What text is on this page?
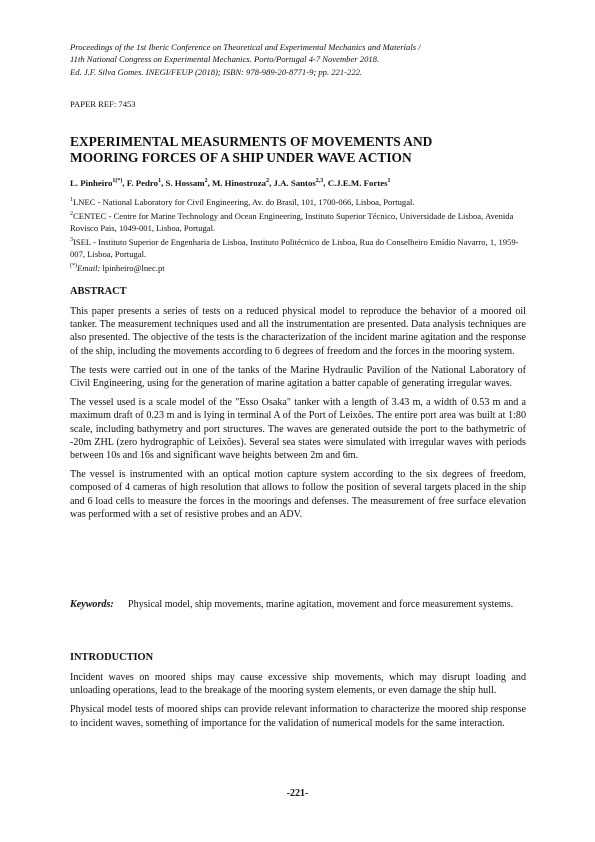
Proceedings of the 1st Iberic Conference on Theoretical and Experimental Mechanics and Materials /
11th National Congress on Experimental Mechanics. Porto/Portugal 4-7 November 2018.
Ed. J.F. Silva Gomes. INEGI/FEUP (2018); ISBN: 978-989-20-8771-9; pp. 221-222.
PAPER REF: 7453
EXPERIMENTAL MEASURMENTS OF MOVEMENTS AND
MOORING FORCES OF A SHIP UNDER WAVE ACTION
L. Pinheiro$^{1(*)}$, F. Pedro$^1$, S. Hossam$^2$, M. Hinostroza$^2$, J.A. Santos$^{2,3}$, C.J.E.M. Fortes$^1$

$^1$LNEC - National Laboratory for Civil Engineering, Av. do Brasil, 101, 1700-066, Lisboa, Portugal.

$^2$CENTEC - Centre for Marine Technology and Ocean Engineering, Instituto Superior Técnico, Universidade de Lisboa, Avenida Rovisco Pais, 1049-001, Lisboa, Portugal.

$^3$ISEL - Instituto Superior de Engenharia de Lisboa, Instituto Politécnico de Lisboa, Rua do Conselheiro Emídio Navarro, 1, 1959-007, Lisboa, Portugal.

(*)Email: lpinheiro@lnec.pt

ABSTRACT

This paper presents a series of tests on a reduced physical model to reproduce the behavior of a moored oil tanker. The measurement techniques used and all the instrumentation are presented. Data analysis techniques are also presented. The objective of the tests is the characterization of the incident marine agitation and the response of the ship, including the movements according to 6 degrees of freedom and the forces in the mooring system.

The tests were carried out in one of the tanks of the Marine Hydraulic Pavilion of the National Laboratory of Civil Engineering, using for the generation of marine agitation a batter capable of generating irregular waves.

The vessel used is a scale model of the "Esso Osaka" tanker with a length of 3.43 m, a width of 0.53 m and a maximum draft of 0.23 m and is lying in terminal A of the Port of Leixões. The entire port area was built at 1:80 scale, including bathymetry and port structures. The waves are generated outside the port to the bathymetric of -20m ZHL (zero hydrographic of Leixões). Several sea states were simulated with irregular waves with periods between 10s and 16s and significant wave heights between 2m and 6m.

The vessel is instrumented with an optical motion capture system according to the six degrees of freedom, composed of 4 cameras of high resolution that allows to follow the position of several targets placed in the ship and 6 load cells to measure the forces in the moorings and defenses. The measurement of free surface elevation was performed with a set of resistive probes and an ADV.

Keywords: Physical model, ship movements, marine agitation, movement and force measurement systems.
INTRODUCTION

Incident waves on moored ships may cause excessive ship movements, which may disrupt loading and unloading operations, lead to the breakage of the mooring system elements, or even damage the ship hull.

Physical model tests of moored ships can provide relevant information to characterize the moored ship response to incident waves, something of importance for the validation of numerical models for the same interaction.

-221-
